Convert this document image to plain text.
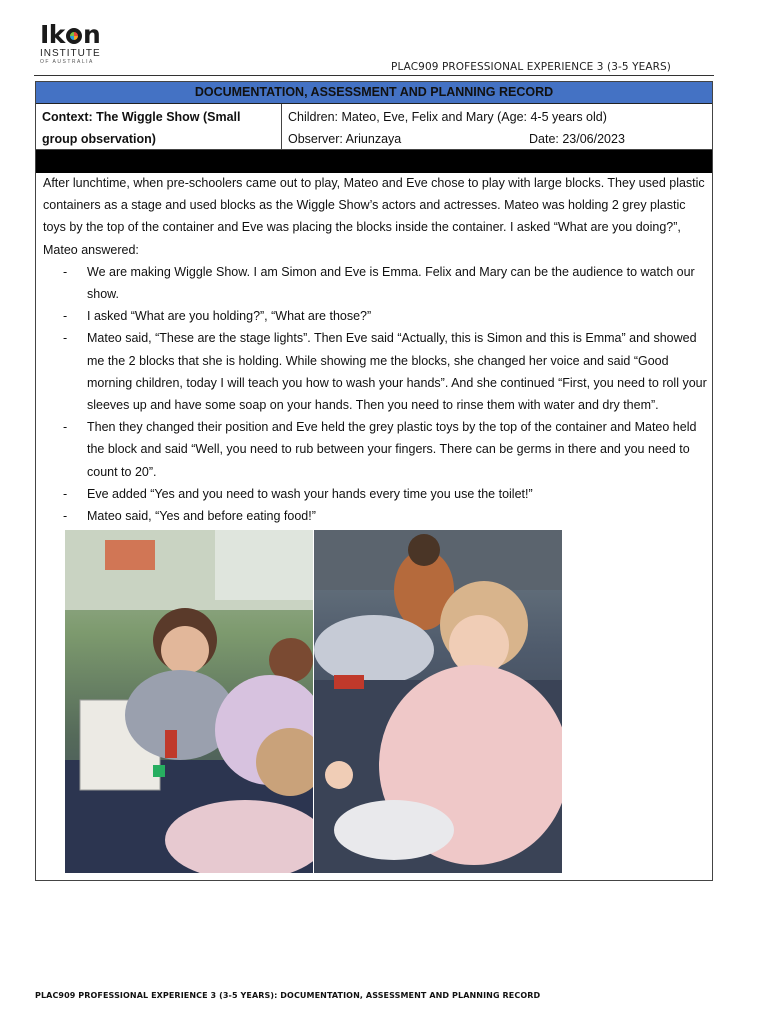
Ik n
INSTITUTE
OF AUSTRALIA	PLAC909 PROFESSIONAL EXPERIENCE 3 (3-5 YEARS)
DOCUMENTATION, ASSESSMENT AND PLANNING RECORD
Context: The Wiggle Show (Small
group observation)
Children: Mateo, Eve, Felix and Mary (Age: 4-5 years old)
Observer: Ariunzaya	Date: 23/06/2023

After lunchtime, when pre-schoolers came out to play, Mateo and Eve chose to play with large blocks. They used plastic containers as a stage and used blocks as the Wiggle Show’s actors and actresses. Mateo was holding 2 grey plastic toys by the top of the container and Eve was placing the blocks inside the container. I asked “What are you doing?”, Mateo answered:

- We are making Wiggle Show. I am Simon and Eve is Emma. Felix and Mary can be the audience to watch our show.
- I asked “What are you holding?”, “What are those?”
- Mateo said, “These are the stage lights”. Then Eve said “Actually, this is Simon and this is Emma” and showed me the 2 blocks that she is holding. While showing me the blocks, she changed her voice and said “Good morning children, today I will teach you how to wash your hands”. And she continued “First, you need to roll your sleeves up and have some soap on your hands. Then you need to rinse them with water and dry them”.
- Then they changed their position and Eve held the grey plastic toys by the top of the container and Mateo held the block and said “Well, you need to rub between your fingers. There can be germs in there and you need to count to 20”.
- Eve added “Yes and you need to wash your hands every time you use the toilet!”
- Mateo said, “Yes and before eating food!”
PLAC909 PROFESSIONAL EXPERIENCE 3 (3-5 YEARS): DOCUMENTATION, ASSESSMENT AND PLANNING RECORD
